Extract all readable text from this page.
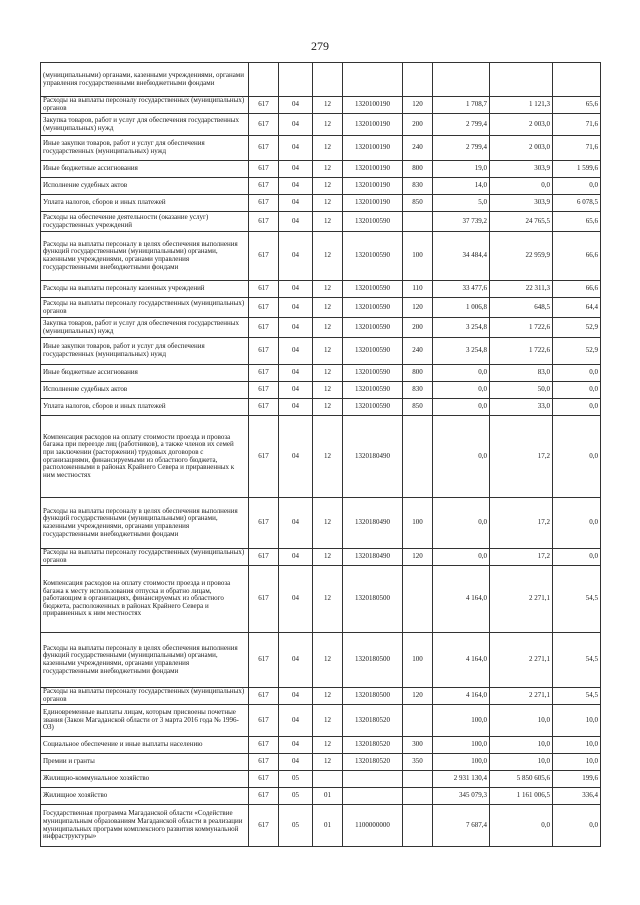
279
(муниципальными) органами, казенными учреждениями, органами управления государственными внебюджетными фондами								
Расходы на выплаты персоналу государственных (муниципальных) органов	617	04	12	1320100190	120	1 708,7	1 121,3	65,6
Закупка товаров, работ и услуг для обеспечения государственных (муниципальных) нужд	617	04	12	1320100190	200	2 799,4	2 003,0	71,6
Иные закупки товаров, работ и услуг для обеспечения государственных (муниципальных) нужд	617	04	12	1320100190	240	2 799,4	2 003,0	71,6
Иные бюджетные ассигнования	617	04	12	1320100190	800	19,0	303,9	1 599,6
Исполнение судебных актов	617	04	12	1320100190	830	14,0	0,0	0,0
Уплата налогов, сборов и иных платежей	617	04	12	1320100190	850	5,0	303,9	6 078,5
Расходы на обеспечение деятельности (оказание услуг) государственных учреждений	617	04	12	1320100590		37 739,2	24 765,5	65,6
Расходы на выплаты персоналу в целях обеспечения выполнения функций государственными (муниципальными) органами, казенными учреждениями, органами управления государственными внебюджетными фондами	617	04	12	1320100590	100	34 484,4	22 959,9	66,6
Расходы на выплаты персоналу казенных учреждений	617	04	12	1320100590	110	33 477,6	22 311,3	66,6
Расходы на выплаты персоналу государственных (муниципальных) органов	617	04	12	1320100590	120	1 006,8	648,5	64,4
Закупка товаров, работ и услуг для обеспечения государственных (муниципальных) нужд	617	04	12	1320100590	200	3 254,8	1 722,6	52,9
Иные закупки товаров, работ и услуг для обеспечения государственных (муниципальных) нужд	617	04	12	1320100590	240	3 254,8	1 722,6	52,9
Иные бюджетные ассигнования	617	04	12	1320100590	800	0,0	83,0	0,0
Исполнение судебных актов	617	04	12	1320100590	830	0,0	50,0	0,0
Уплата налогов, сборов и иных платежей	617	04	12	1320100590	850	0,0	33,0	0,0
Компенсация расходов на оплату стоимости проезда и провоза багажа при переезде лиц (работников), а также членов их семей при заключении (расторжении) трудовых договоров с организациями, финансируемыми из областного бюджета, расположенными в районах Крайнего Севера и приравненных к ним местностях	617	04	12	1320180490		0,0	17,2	0,0
Расходы на выплаты персоналу в целях обеспечения выполнения функций государственными (муниципальными) органами, казенными учреждениями, органами управления государственными внебюджетными фондами	617	04	12	1320180490	100	0,0	17,2	0,0
Расходы на выплаты персоналу государственных (муниципальных) органов	617	04	12	1320180490	120	0,0	17,2	0,0
Компенсация расходов на оплату стоимости проезда и провоза багажа к месту использования отпуска и обратно лицам, работающим в организациях, финансируемых из областного бюджета, расположенных в районах Крайнего Севера и приравненных к ним местностях	617	04	12	1320180500		4 164,0	2 271,1	54,5
Расходы на выплаты персоналу в целях обеспечения выполнения функций государственными (муниципальными) органами, казенными учреждениями, органами управления государственными внебюджетными фондами	617	04	12	1320180500	100	4 164,0	2 271,1	54,5
Расходы на выплаты персоналу государственных (муниципальных) органов	617	04	12	1320180500	120	4 164,0	2 271,1	54,5
Единовременные выплаты лицам, которым присвоены почетные звания (Закон Магаданской области от 3 марта 2016 года № 1996-ОЗ)	617	04	12	1320180520		100,0	10,0	10,0
Социальное обеспечение и иные выплаты населению	617	04	12	1320180520	300	100,0	10,0	10,0
Премии и гранты	617	04	12	1320180520	350	100,0	10,0	10,0
Жилищно-коммунальное хозяйство	617	05				2 931 130,4	5 850 605,6	199,6
Жилищное хозяйство	617	05	01			345 079,3	1 161 006,5	336,4
Государственная программа Магаданской области «Содействие муниципальным образованиям Магаданской области в реализации муниципальных программ комплексного развития коммунальной инфраструктуры»	617	05	01	1100000000		7 687,4	0,0	0,0
